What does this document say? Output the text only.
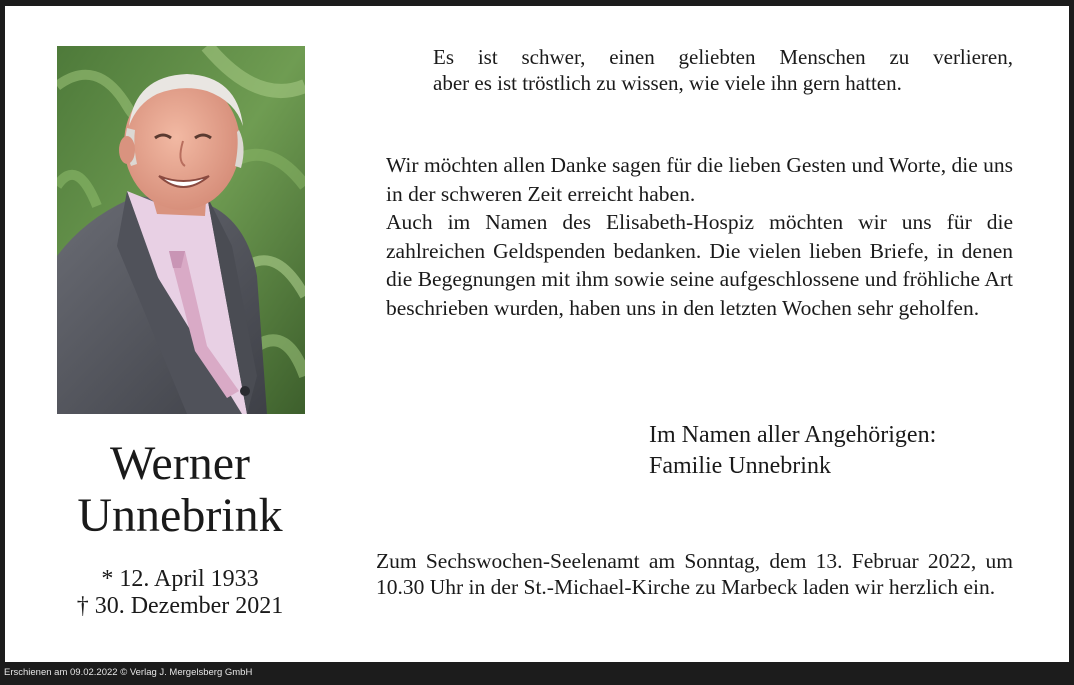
Werner
Unnebrink
* 12. April 1933
† 30. Dezember 2021
Es ist schwer, einen geliebten Menschen zu verlieren,
aber es ist tröstlich zu wissen, wie viele ihn gern hatten.

Wir möchten allen Danke sagen für die lieben Gesten und Worte, die uns in der schweren Zeit erreicht haben.

Auch im Namen des Elisabeth-Hospiz möchten wir uns für die zahlreichen Geldspenden bedanken. Die vielen lieben Briefe, in denen die Begegnungen mit ihm sowie seine aufgeschlossene und fröhliche Art beschrieben wurden, haben uns in den letzten Wochen sehr geholfen.

Im Namen aller Angehörigen:
Familie Unnebrink
Zum Sechswochen-Seelenamt am Sonntag, dem 13. Februar 2022, um 10.30 Uhr in der St.-Michael-Kirche zu Marbeck laden wir herzlich ein.
Erschienen am 09.02.2022 © Verlag J. Mergelsberg GmbH
